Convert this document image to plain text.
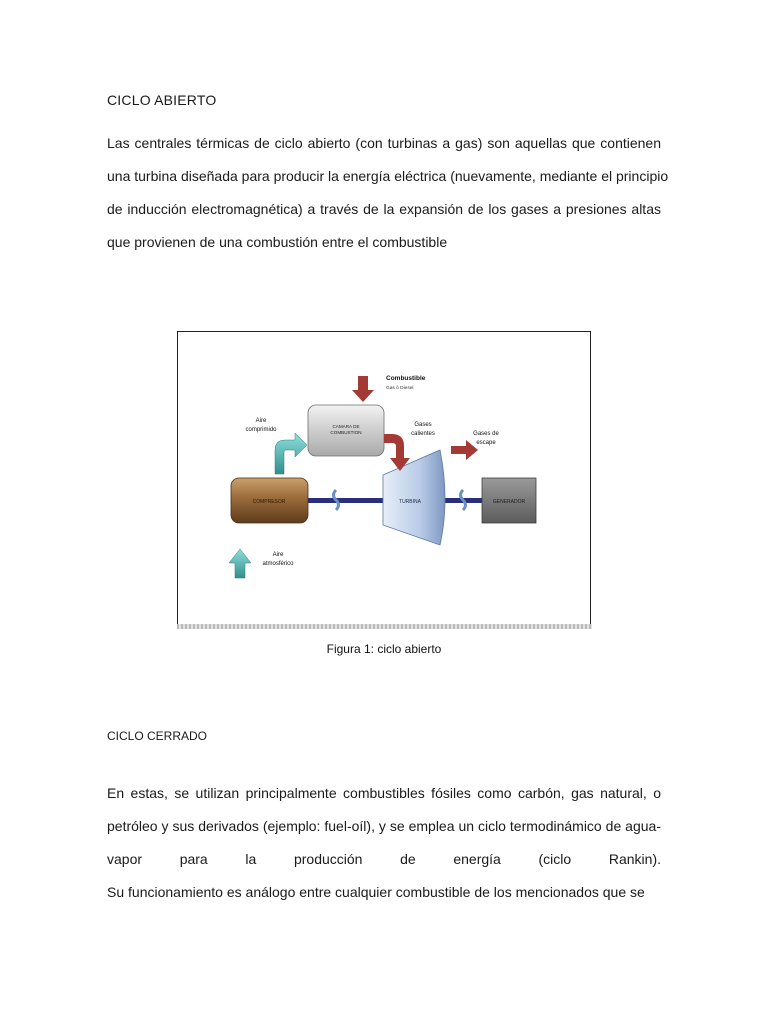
CICLO ABIERTO
Las centrales térmicas de ciclo abierto (con turbinas a gas) son aquellas que contienen
una turbina diseñada para producir la energía eléctrica (nuevamente, mediante el principio
de inducción electromagnética) a través de la expansión de los gases a presiones altas
que provienen de una combustión entre el combustible
COMPRESOR	TURBINA	GENERADOR
CAMARA DE
COMBUSTION
Combustible
Gas ó Diesel
Aire
comprimido
Gases
calientes	Gases de
escape
Aire
atmosférico
Figura 1: ciclo abierto
CICLO CERRADO
En estas, se utilizan principalmente combustibles fósiles como carbón, gas natural, o
petróleo y sus derivados (ejemplo: fuel-oíl), y se emplea un ciclo termodinámico de agua-
vapor para la producción de energía (ciclo Rankin).
Su funcionamiento es análogo entre cualquier combustible de los mencionados que se
